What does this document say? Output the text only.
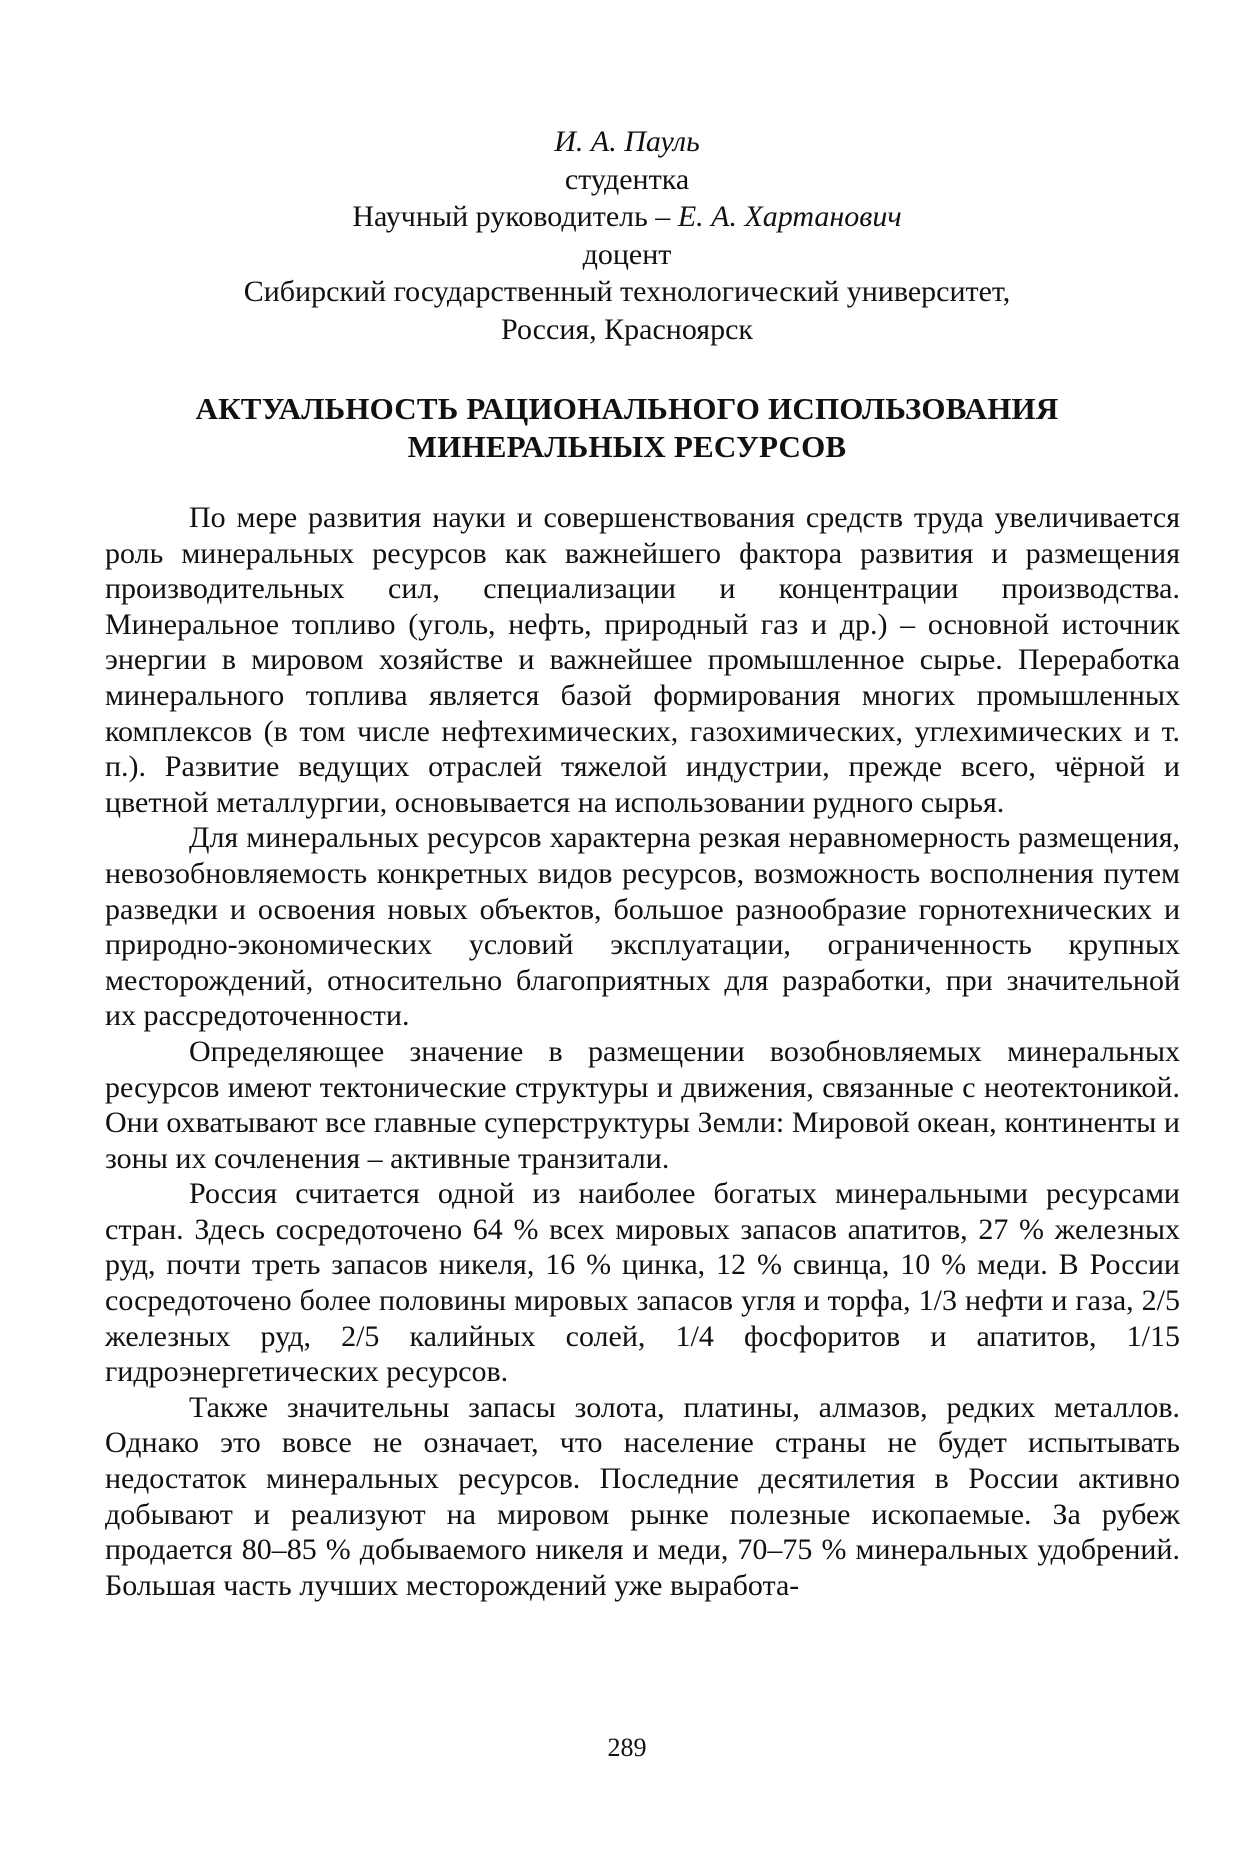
И. А. Пауль
студентка
Научный руководитель – Е. А. Хартанович
доцент
Сибирский государственный технологический университет,
Россия, Красноярск
АКТУАЛЬНОСТЬ РАЦИОНАЛЬНОГО ИСПОЛЬЗОВАНИЯ
МИНЕРАЛЬНЫХ РЕСУРСОВ

По мере развития науки и совершенствования средств труда увеличивается роль минеральных ресурсов как важнейшего фактора развития и размещения производительных сил, специализации и концентрации производства. Минеральное топливо (уголь, нефть, природный газ и др.) – основной источник энергии в мировом хозяйстве и важнейшее промышленное сырье. Переработка минерального топлива является базой формирования многих промышленных комплексов (в том числе нефтехимических, газохимических, углехимических и т. п.). Развитие ведущих отраслей тяжелой индустрии, прежде всего, чёрной и цветной металлургии, основывается на использовании рудного сырья.

Для минеральных ресурсов характерна резкая неравномерность размещения, невозобновляемость конкретных видов ресурсов, возможность восполнения путем разведки и освоения новых объектов, большое разнообразие горнотехнических и природно-экономических условий эксплуатации, ограниченность крупных месторождений, относительно благоприятных для разработки, при значительной их рассредоточенности.

Определяющее значение в размещении возобновляемых минеральных ресурсов имеют тектонические структуры и движения, связанные с неотектоникой. Они охватывают все главные суперструктуры Земли: Мировой океан, континенты и зоны их сочленения – активные транзитали.

Россия считается одной из наиболее богатых минеральными ресурсами стран. Здесь сосредоточено 64 % всех мировых запасов апатитов, 27 % железных руд, почти треть запасов никеля, 16 % цинка, 12 % свинца, 10 % меди. В России сосредоточено более половины мировых запасов угля и торфа, 1/3 нефти и газа, 2/5 железных руд, 2/5 калийных солей, 1/4 фосфоритов и апатитов, 1/15 гидроэнергетических ресурсов.

Также значительны запасы золота, платины, алмазов, редких металлов. Однако это вовсе не означает, что население страны не будет испытывать недостаток минеральных ресурсов. Последние десятилетия в России активно добывают и реализуют на мировом рынке полезные ископаемые. За рубеж продается 80–85 % добываемого никеля и меди, 70–75 % минеральных удобрений. Большая часть лучших месторождений уже выработа-

289
